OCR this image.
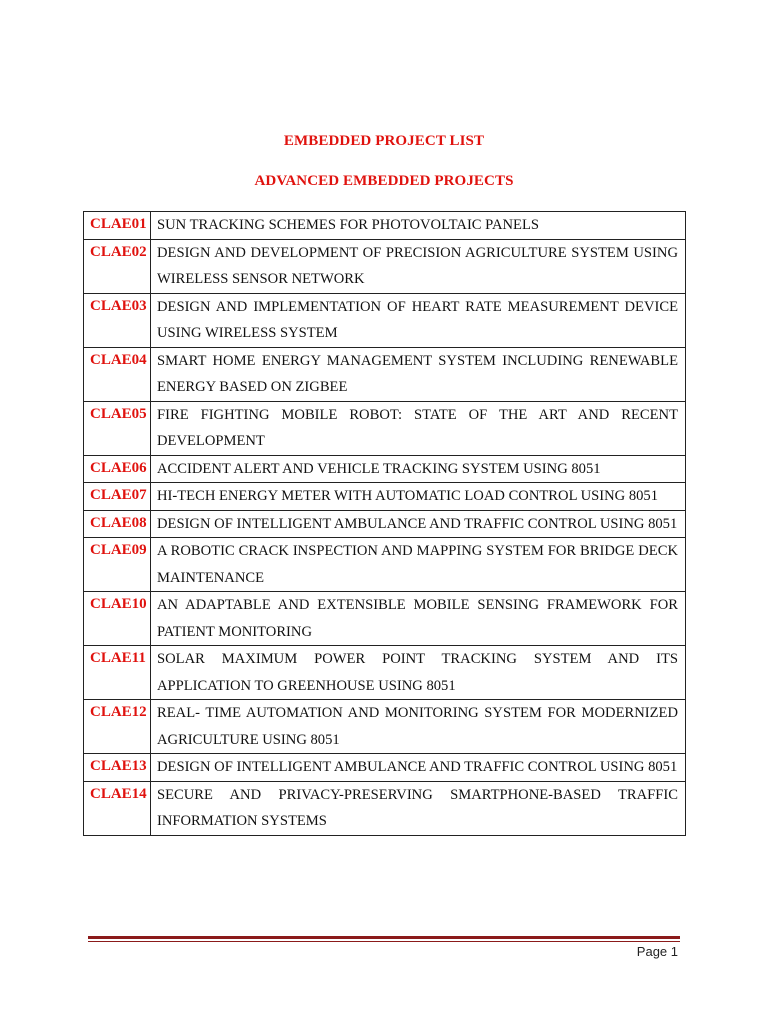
EMBEDDED PROJECT LIST
ADVANCED EMBEDDED PROJECTS
CLAE01	SUN TRACKING SCHEMES FOR PHOTOVOLTAIC PANELS
CLAE02	DESIGN AND DEVELOPMENT OF PRECISION AGRICULTURE SYSTEM USING WIRELESS SENSOR NETWORK
CLAE03	DESIGN AND IMPLEMENTATION OF HEART RATE MEASUREMENT DEVICE USING WIRELESS SYSTEM
CLAE04	SMART HOME ENERGY MANAGEMENT SYSTEM INCLUDING RENEWABLE ENERGY BASED ON ZIGBEE
CLAE05	FIRE FIGHTING MOBILE ROBOT: STATE OF THE ART AND RECENT DEVELOPMENT
CLAE06	ACCIDENT ALERT AND VEHICLE TRACKING SYSTEM USING 8051
CLAE07	HI-TECH ENERGY METER WITH AUTOMATIC LOAD CONTROL USING 8051
CLAE08	DESIGN OF INTELLIGENT AMBULANCE AND TRAFFIC CONTROL USING 8051
CLAE09	A ROBOTIC CRACK INSPECTION AND MAPPING SYSTEM FOR BRIDGE DECK MAINTENANCE
CLAE10	AN ADAPTABLE AND EXTENSIBLE MOBILE SENSING FRAMEWORK FOR PATIENT MONITORING
CLAE11	SOLAR MAXIMUM POWER POINT TRACKING SYSTEM AND ITS APPLICATION TO GREENHOUSE USING 8051
CLAE12	REAL- TIME AUTOMATION AND MONITORING SYSTEM FOR MODERNIZED AGRICULTURE USING 8051
CLAE13	DESIGN OF INTELLIGENT AMBULANCE AND TRAFFIC CONTROL USING 8051
CLAE14	SECURE AND PRIVACY-PRESERVING SMARTPHONE-BASED TRAFFIC INFORMATION SYSTEMS
Page 1
